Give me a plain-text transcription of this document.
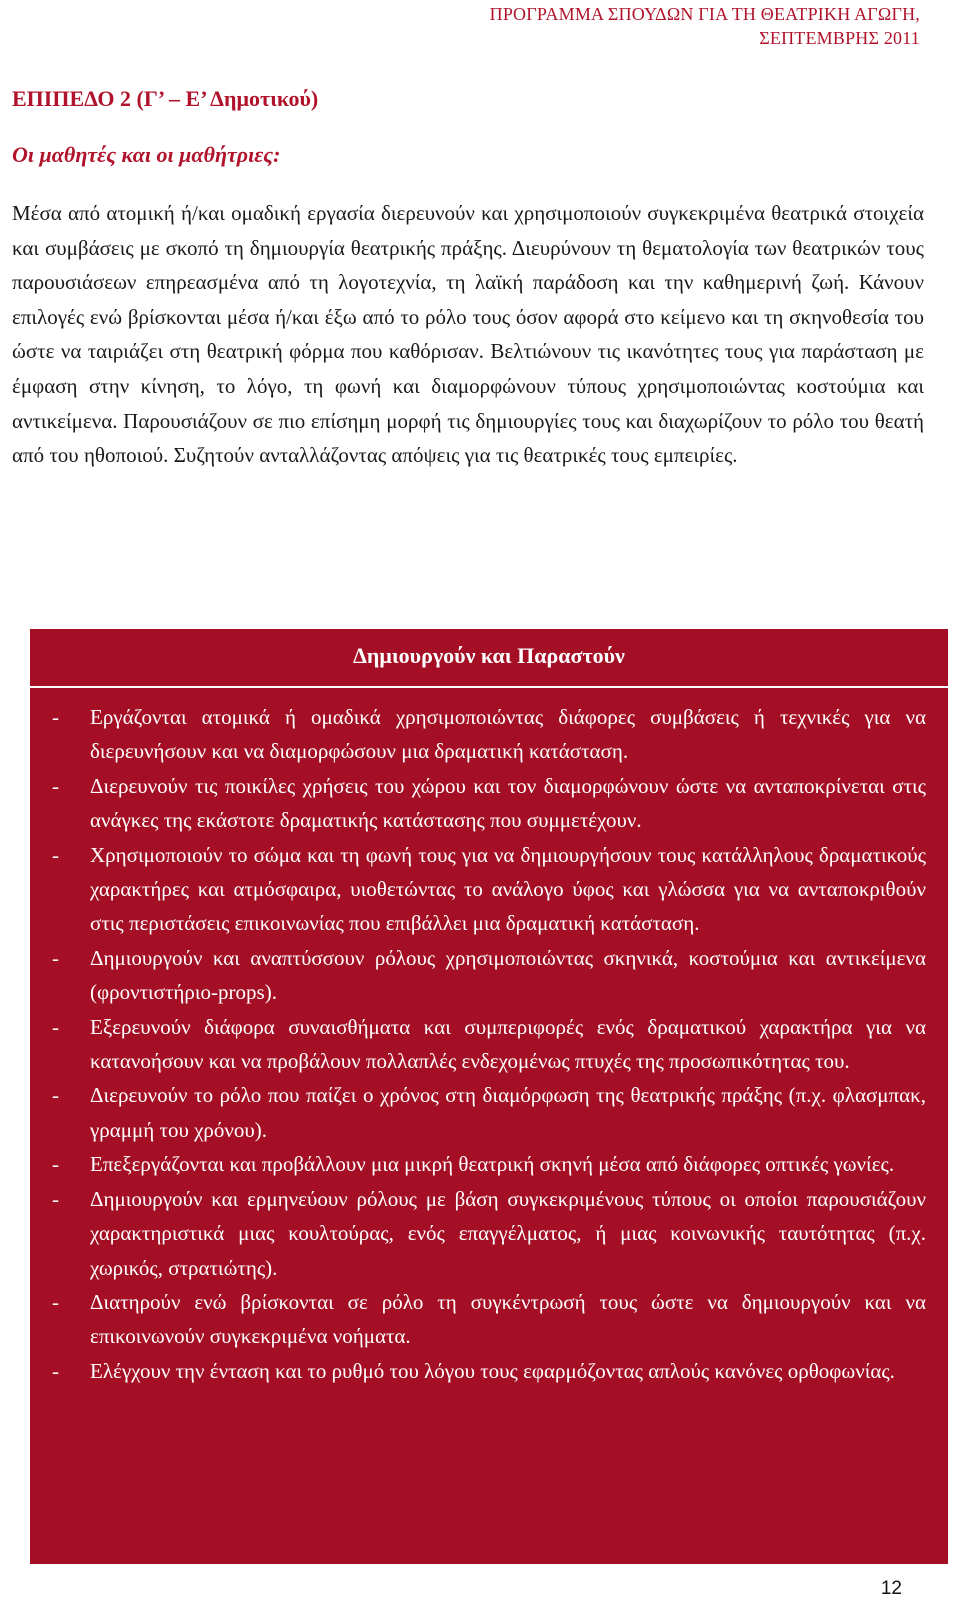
ΠΡΟΓΡΑΜΜΑ ΣΠΟΥΔΩΝ ΓΙΑ ΤΗ ΘΕΑΤΡΙΚΗ ΑΓΩΓΗ,
ΣΕΠΤΕΜΒΡΗΣ 2011
ΕΠΙΠΕΔΟ 2 (Γ’ – Ε’ Δημοτικού)
Οι μαθητές και οι μαθήτριες:

Μέσα από ατομική ή/και ομαδική εργασία διερευνούν και χρησιμοποιούν συγκεκριμένα θεατρικά στοιχεία και συμβάσεις με σκοπό τη δημιουργία θεατρικής πράξης. Διευρύνουν τη θεματολογία των θεατρικών τους παρουσιάσεων επηρεασμένα από τη λογοτεχνία, τη λαϊκή παράδοση και την καθημερινή ζωή. Κάνουν επιλογές ενώ βρίσκονται μέσα ή/και έξω από το ρόλο τους όσον αφορά στο κείμενο και τη σκηνοθεσία του ώστε να ταιριάζει στη θεατρική φόρμα που καθόρισαν. Βελτιώνουν τις ικανότητες τους για παράσταση με έμφαση στην κίνηση, το λόγο, τη φωνή και διαμορφώνουν τύπους χρησιμοποιώντας κοστούμια και αντικείμενα. Παρουσιάζουν σε πιο επίσημη μορφή τις δημιουργίες τους και διαχωρίζουν το ρόλο του θεατή από του ηθοποιού. Συζητούν ανταλλάζοντας απόψεις για τις θεατρικές τους εμπειρίες.

Δημιουργούν και Παραστούν
- Εργάζονται ατομικά ή ομαδικά χρησιμοποιώντας διάφορες συμβάσεις ή τεχνικές για να διερευνήσουν και να διαμορφώσουν μια δραματική κατάσταση.
- Διερευνούν τις ποικίλες χρήσεις του χώρου και τον διαμορφώνουν ώστε να ανταποκρίνεται στις ανάγκες της εκάστοτε δραματικής κατάστασης που συμμετέχουν.
- Χρησιμοποιούν το σώμα και τη φωνή τους για να δημιουργήσουν τους κατάλληλους δραματικούς χαρακτήρες και ατμόσφαιρα, υιοθετώντας το ανάλογο ύφος και γλώσσα για να ανταποκριθούν στις περιστάσεις επικοινωνίας που επιβάλλει μια δραματική κατάσταση.
- Δημιουργούν και αναπτύσσουν ρόλους χρησιμοποιώντας σκηνικά, κοστούμια και αντικείμενα (φροντιστήριο-props).
- Εξερευνούν διάφορα συναισθήματα και συμπεριφορές ενός δραματικού χαρακτήρα για να κατανοήσουν και να προβάλουν πολλαπλές ενδεχομένως πτυχές της προσωπικότητας του.
- Διερευνούν το ρόλο που παίζει ο χρόνος στη διαμόρφωση της θεατρικής πράξης (π.χ. φλασμπακ, γραμμή του χρόνου).
- Επεξεργάζονται και προβάλλουν μια μικρή θεατρική σκηνή μέσα από διάφορες οπτικές γωνίες.
- Δημιουργούν και ερμηνεύουν ρόλους με βάση συγκεκριμένους τύπους οι οποίοι παρουσιάζουν χαρακτηριστικά μιας κουλτούρας, ενός επαγγέλματος, ή μιας κοινωνικής ταυτότητας (π.χ. χωρικός, στρατιώτης).
- Διατηρούν ενώ βρίσκονται σε ρόλο τη συγκέντρωσή τους ώστε να δημιουργούν και να επικοινωνούν συγκεκριμένα νοήματα.
- Ελέγχουν την ένταση και το ρυθμό του λόγου τους εφαρμόζοντας απλούς κανόνες ορθοφωνίας.
12
